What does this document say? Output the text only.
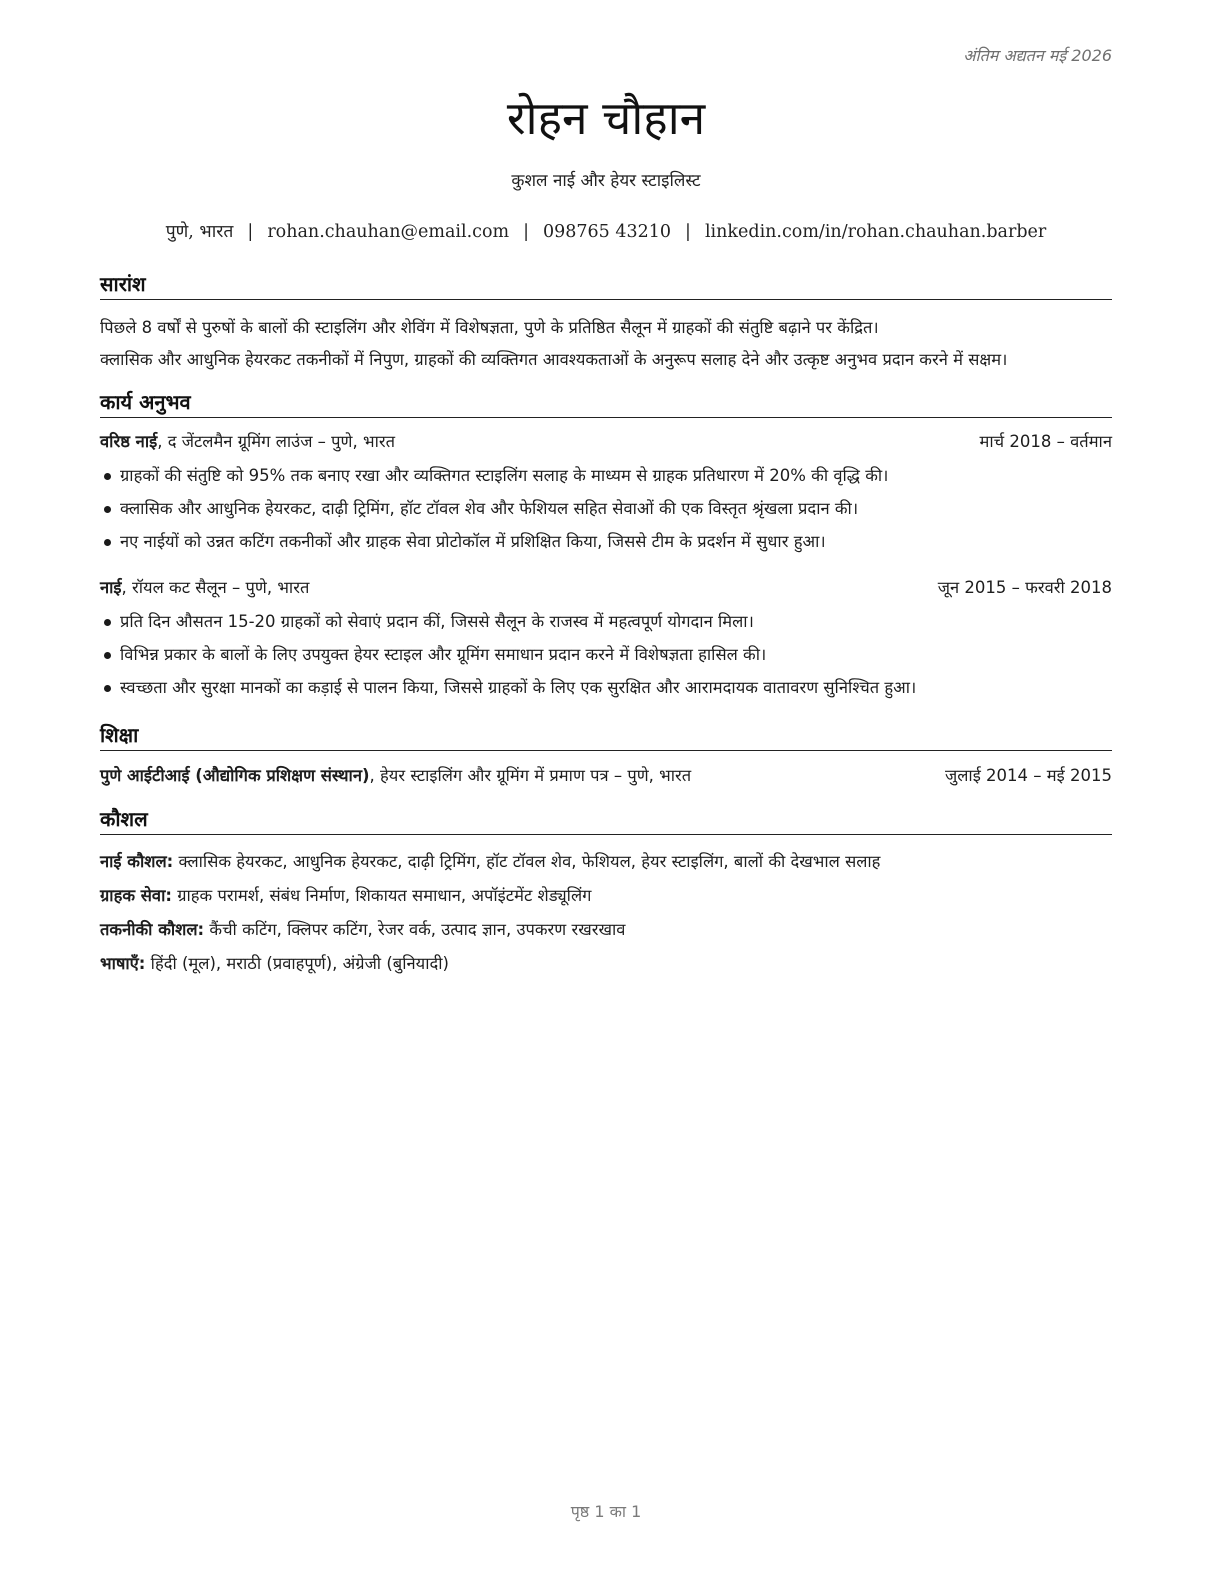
अंतिम अद्यतन मई 2026
रोहन चौहान
कुशल नाई और हेयर स्टाइलिस्ट
पुणे, भारत | rohan.chauhan@email.com | 098765 43210 | linkedin.com/in/rohan.chauhan.barber
सारांश
पिछले 8 वर्षों से पुरुषों के बालों की स्टाइलिंग और शेविंग में विशेषज्ञता, पुणे के प्रतिष्ठित सैलून में ग्राहकों की संतुष्टि बढ़ाने पर केंद्रित।
क्लासिक और आधुनिक हेयरकट तकनीकों में निपुण, ग्राहकों की व्यक्तिगत आवश्यकताओं के अनुरूप सलाह देने और उत्कृष्ट अनुभव प्रदान करने में सक्षम।
कार्य अनुभव
वरिष्ठ नाई, द जेंटलमैन ग्रूमिंग लाउंज – पुणे, भारत	मार्च 2018 – वर्तमान
ग्राहकों की संतुष्टि को 95% तक बनाए रखा और व्यक्तिगत स्टाइलिंग सलाह के माध्यम से ग्राहक प्रतिधारण में 20% की वृद्धि की।
क्लासिक और आधुनिक हेयरकट, दाढ़ी ट्रिमिंग, हॉट टॉवल शेव और फेशियल सहित सेवाओं की एक विस्तृत श्रृंखला प्रदान की।
नए नाईयों को उन्नत कटिंग तकनीकों और ग्राहक सेवा प्रोटोकॉल में प्रशिक्षित किया, जिससे टीम के प्रदर्शन में सुधार हुआ।
नाई, रॉयल कट सैलून – पुणे, भारत	जून 2015 – फरवरी 2018
प्रति दिन औसतन 15-20 ग्राहकों को सेवाएं प्रदान कीं, जिससे सैलून के राजस्व में महत्वपूर्ण योगदान मिला।
विभिन्न प्रकार के बालों के लिए उपयुक्त हेयर स्टाइल और ग्रूमिंग समाधान प्रदान करने में विशेषज्ञता हासिल की।
स्वच्छता और सुरक्षा मानकों का कड़ाई से पालन किया, जिससे ग्राहकों के लिए एक सुरक्षित और आरामदायक वातावरण सुनिश्चित हुआ।
शिक्षा
पुणे आईटीआई (औद्योगिक प्रशिक्षण संस्थान), हेयर स्टाइलिंग और ग्रूमिंग में प्रमाण पत्र – पुणे, भारत	जुलाई 2014 – मई 2015
कौशल

नाई कौशल: क्लासिक हेयरकट, आधुनिक हेयरकट, दाढ़ी ट्रिमिंग, हॉट टॉवल शेव, फेशियल, हेयर स्टाइलिंग, बालों की देखभाल सलाह

ग्राहक सेवा: ग्राहक परामर्श, संबंध निर्माण, शिकायत समाधान, अपॉइंटमेंट शेड्यूलिंग

तकनीकी कौशल: कैंची कटिंग, क्लिपर कटिंग, रेजर वर्क, उत्पाद ज्ञान, उपकरण रखरखाव

भाषाएँ: हिंदी (मूल), मराठी (प्रवाहपूर्ण), अंग्रेजी (बुनियादी)

पृष्ठ 1 का 1
